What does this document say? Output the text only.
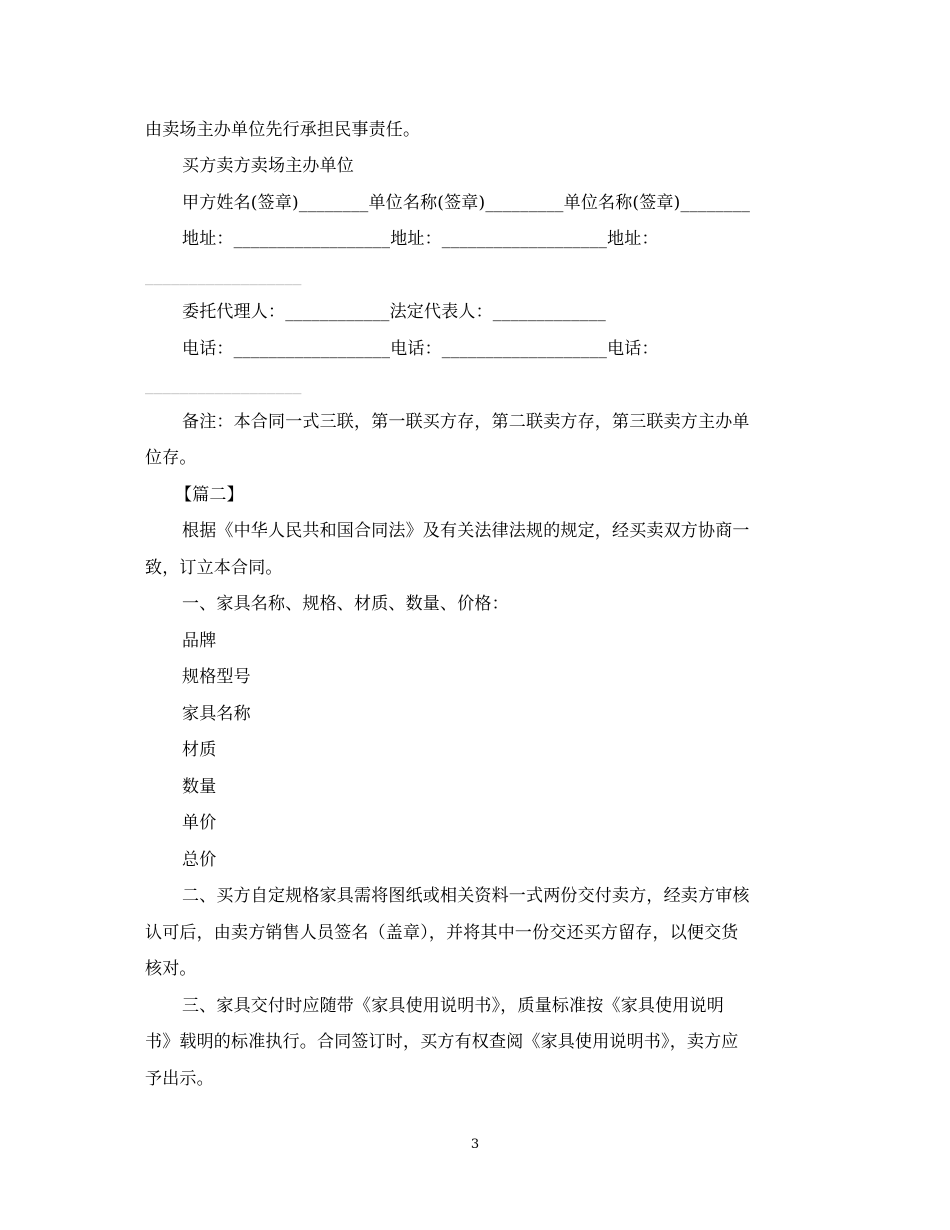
由卖场主办单位先行承担民事责任。
买方卖方卖场主办单位
甲方姓名(签章)________单位名称(签章)_________单位名称(签章)________
地址：__________________地址：___________________地址：
__________________
委托代理人：____________法定代表人：_____________
电话：__________________电话：___________________电话：
__________________
备注：本合同一式三联，第一联买方存，第二联卖方存，第三联卖方主办单
位存。
【篇二】
根据《中华人民共和国合同法》及有关法律法规的规定，经买卖双方协商一
致，订立本合同。
一、家具名称、规格、材质、数量、价格：
品牌
规格型号
家具名称
材质
数量
单价
总价
二、买方自定规格家具需将图纸或相关资料一式两份交付卖方，经卖方审核
认可后，由卖方销售人员签名（盖章），并将其中一份交还买方留存，以便交货
核对。
三、家具交付时应随带《家具使用说明书》，质量标准按《家具使用说明
书》载明的标准执行。合同签订时，买方有权查阅《家具使用说明书》，卖方应
予出示。
3
